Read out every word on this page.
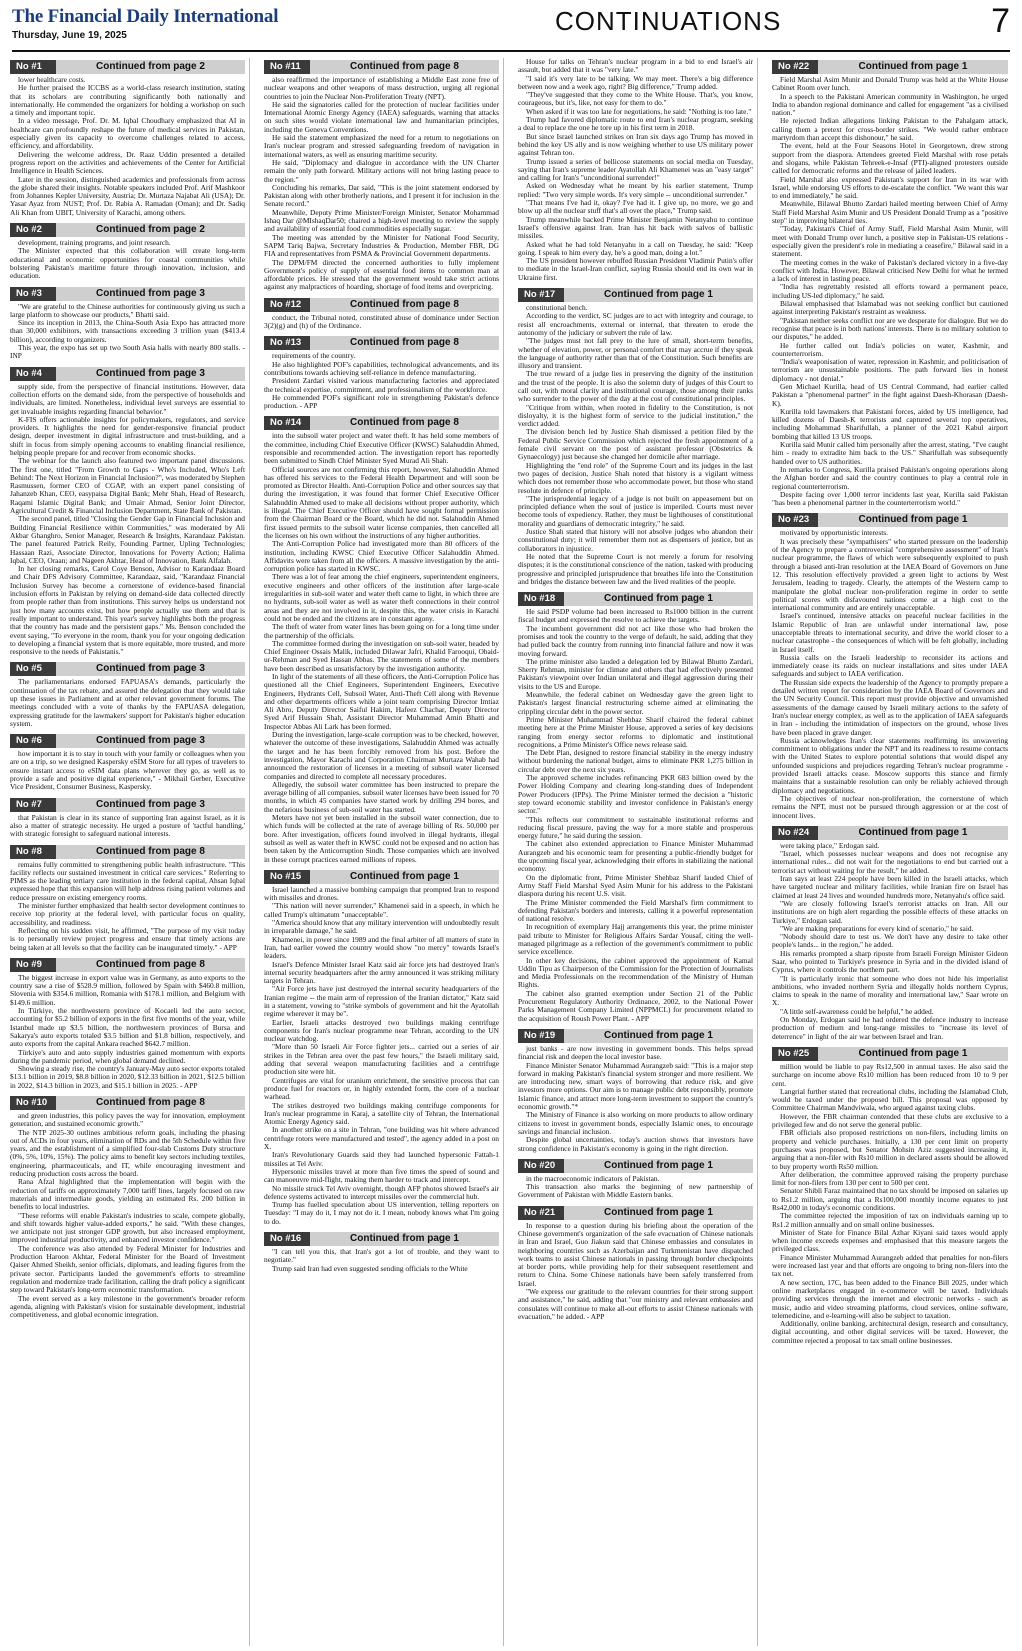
The Financial Daily International
Thursday, June 19, 2025	CONTINUATIONS	7
No #1	Continued from page 2

lower healthcare costs.

He further praised the ICCBS as a world-class research institution, stating that its scholars are contributing significantly both nationally and internationally. He commended the organizers for holding a workshop on such a timely and important topic.

In a video message, Prof. Dr. M. Iqbal Choudhary emphasized that AI in healthcare can profoundly reshape the future of medical services in Pakistan, especially given its capacity to overcome challenges related to access, efficiency, and affordability.

Delivering the welcome address, Dr. Raaz Uddin presented a detailed progress report on the activities and achievements of the Center for Artificial Intelligence in Health Sciences.

Later in the session, distinguished academics and professionals from across the globe shared their insights. Notable speakers included Prof. Arif Mashkoor from Johannes Kepler University, Austria; Dr. Murtaza Najabat Ali (USA); Dr. Yasar Ayaz from NUST; Prof. Dr. Rabia A. Ramadan (Oman); and Dr. Sadiq Ali Khan from UBIT, University of Karachi, among others.

No #2	Continued from page 2

development, training programs, and joint research.

The Minister expected that this collaboration will create long-term educational and economic opportunities for coastal communities while bolstering Pakistan's maritime future through innovation, inclusion, and education.

No #3	Continued from page 3

"We are grateful to the Chinese authorities for continuously giving us such a large platform to showcase our products," Bhatti said.

Since its inception in 2013, the China-South Asia Expo has attracted more than 30,000 exhibitors, with transactions exceeding 3 trillion yuan ($413.4 billion), according to organizers.

This year, the expo has set up two South Asia halls with nearly 800 stalls. - INP

No #4	Continued from page 3

supply side, from the perspective of financial institutions. However, data collection efforts on the demand side, from the perspective of households and individuals, are limited. Nonetheless, individual level surveys are essential to get invaluable insights regarding financial behavior."

K-FIS offers actionable insights for policymakers, regulators, and service providers. It highlights the need for gender-responsive financial product design, deeper investment in digital infrastructure and trust-building, and a shift in focus from simply opening accounts to enabling financial resilience, helping people prepare for and recover from economic shocks.

The webinar for the launch also featured two important panel discussions. The first one, titled "From Growth to Gaps - Who's Included, Who's Left Behind: The Next Horizon in Financial Inclusion?", was moderated by Stephen Rasmussen, former CEO of CGAP, with an expert panel consisting of Jahanzeb Khan, CEO, easypaisa Digital Bank; Mehr Shah, Head of Research, Raqami Islamic Digital Bank; and Umair Ahmad, Senior Joint Director, Agricultural Credit & Financial Inclusion Department, State Bank of Pakistan.

The second panel, titled "Closing the Gender Gap in Financial Inclusion and Building Financial Resilience within Communities," was moderated by Ali Akbar Ghanghro, Senior Manager, Research & Insights, Karandaaz Pakistan. The panel featured Patrick Reily, Founding Partner, Upling Technologies; Hassaan Razi, Associate Director, Innovations for Poverty Action; Halima Iqbal, CEO, Oraan; and Nageen Akhtar, Head of Innovation, Bank Alfalah.

In her closing remarks, Carol Coye Benson, Advisor to Karandaaz Board and Chair DFS Advisory Committee, Karandaaz, said, "Karandaaz Financial Inclusion Survey has become a cornerstone of evidence-based financial inclusion efforts in Pakistan by relying on demand-side data collected directly from people rather than from institutions. This survey helps us understand not just how many accounts exist, but how people actually use them and that is really important to understand. This year's survey highlights both the progress that the country has made and the persistent gaps." Ms. Benson concluded the event saying, "To everyone in the room, thank you for your ongoing dedication to developing a financial system that is more equitable, more trusted, and more responsive to the needs of Pakistanis."

No #5	Continued from page 3

The parliamentarians endorsed FAPUASA's demands, particularly the continuation of the tax rebate, and assured the delegation that they would take up these issues in Parliament and at other relevant government forums. The meetings concluded with a vote of thanks by the FAPUASA delegation, expressing gratitude for the lawmakers' support for Pakistan's higher education system.

No #6	Continued from page 3

how important it is to stay in touch with your family or colleagues when you are on a trip, so we designed Kaspersky eSIM Store for all types of travelers to ensure instant access to eSIM data plans wherever they go, as well as to provide a safe and positive digital experience," - Mikhail Gerber, Executive Vice President, Consumer Business, Kaspersky.

No #7	Continued from page 3

that Pakistan is clear in its stance of supporting Iran against Israel, as it is also a matter of strategic necessity. He urged a posture of 'tactful handling,' with strategic foresight to safeguard national interests.

No #8	Continued from page 8

remains fully committed to strengthening public health infrastructure. "This facility reflects our sustained investment in critical care services." Referring to PIMS as the leading tertiary care institution in the federal capital, Ahsan Iqbal expressed hope that this expansion will help address rising patient volumes and reduce pressure on existing emergency rooms.

The minister further emphasized that health sector development continues to receive top priority at the federal level, with particular focus on quality, accessibility, and readiness.

Reflecting on his sudden visit, he affirmed, "The purpose of my visit today is to personally review project progress and ensure that timely actions are being taken at all levels so that the facility can be inaugurated timely." - APP

No #9	Continued from page 8

The biggest increase in export value was in Germany, as auto exports to the country saw a rise of $528.9 million, followed by Spain with $460.8 million, Slovenia with $354.6 million, Romania with $178.1 million, and Belgium with $149.6 million.

In Türkiye, the northwestern province of Kocaeli led the auto sector, accounting for $5.2 billion of exports in the first five months of the year, while Istanbul made up $3.5 billion, the northwestern provinces of Bursa and Sakarya's auto exports totaled $3.5 billion and $1.8 billion, respectively, and auto exports from the capital Ankara reached $642.7 million.

Türkiye's auto and auto supply industries gained momentum with exports during the pandemic period, when global demand declined.

Showing a steady rise, the country's January-May auto sector exports totaled $13.1 billion in 2019, $8.8 billion in 2020, $12.33 billion in 2021, $12.5 billion in 2022, $14.3 billion in 2023, and $15.1 billion in 2025. - APP

No #10	Continued from page 8

and green industries, this policy paves the way for innovation, employment generation, and sustained economic growth."

The NTP 2025-30 outlines ambitious reform goals, including the phasing out of ACDs in four years, elimination of RDs and the 5th Schedule within five years, and the establishment of a simplified four-slab Customs Duty structure (0%, 5%, 10%, 15%). The policy aims to benefit key sectors including textiles, engineering, pharmaceuticals, and IT, while encouraging investment and reducing production costs across the board.

Rana Afzal highlighted that the implementation will begin with the reduction of tariffs on approximately 7,000 tariff lines, largely focused on raw materials and intermediate goods, yielding an estimated Rs. 200 billion in benefits to local industries.

"These reforms will enable Pakistan's industries to scale, compete globally, and shift towards higher value-added exports," he said. "With these changes, we anticipate not just stronger GDP growth, but also increased employment, improved industrial productivity, and enhanced investor confidence."

The conference was also attended by Federal Minister for Industries and Production Haroon Akhtar, Federal Minister for the Board of Investment Qaiser Ahmed Sheikh, senior officials, diplomats, and leading figures from the private sector. Participants lauded the government's efforts to streamline regulation and modernize trade facilitation, calling the draft policy a significant step toward Pakistan's long-term economic transformation.

The event served as a key milestone in the government's broader reform agenda, aligning with Pakistan's vision for sustainable development, industrial competitiveness, and global economic integration.

No #11	Continued from page 8

also reaffirmed the importance of establishing a Middle East zone free of nuclear weapons and other weapons of mass destruction, urging all regional countries to join the Nuclear Non-Proliferation Treaty (NPT).

He said the signatories called for the protection of nuclear facilities under International Atomic Energy Agency (IAEA) safeguards, warning that attacks on such sites would violate international law and humanitarian principles, including the Geneva Conventions.

He said the statement emphasized the need for a return to negotiations on Iran's nuclear program and stressed safeguarding freedom of navigation in international waters, as well as ensuring maritime security.

He said, "Diplomacy and dialogue in accordance with the UN Charter remain the only path forward. Military actions will not bring lasting peace to the region."

Concluding his remarks, Dar said, "This is the joint statement endorsed by Pakistan along with other brotherly nations, and I present it for inclusion in the Senate record."

Meanwhile, Deputy Prime Minister/Foreign Minister, Senator Mohammad Ishaq Dar @MIshaqDar50; chaired a high-level meeting to review the supply and availability of essential food commodities especially sugar.

The meeting was attended by the Minister for National Food Security, SAPM Tariq Bajwa, Secretary Industries & Production, Member FBR, DG FIA and representatives from PSMA & Provincial Government departments.

The DPM/FM directed the concerned authorities to fully implement Government's policy of supply of essential food items to common man at affordable prices. He stressed that the government would take strict actions against any malpractices of hoarding, shortage of food items and overpricing.

No #12	Continued from page 8

conduct, the Tribunal noted, constituted abuse of dominance under Section 3(2)(g) and (h) of the Ordinance.

No #13	Continued from page 8

requirements of the country.

He also highlighted POF's capabilities, technological advancements, and its contributions towards achieving self-reliance in defence manufacturing.

President Zardari visited various manufacturing factories and appreciated the technical expertise, commitment, and professionalism of the workforce.

He commended POF's significant role in strengthening Pakistan's defence production. - APP

No #14	Continued from page 8

into the subsoil water project and water theft. It has held some members of the committee, including Chief Executive Officer (KWSC) Salahuddin Ahmed, responsible and recommended action. The investigation report has reportedly been submitted to Sindh Chief Minister Syed Murad Ali Shah.

Official sources are not confirming this report, however, Salahuddin Ahmed has offered his services to the Federal Health Department and will soon be promoted as Director Health. Anti-Corruption Police and other sources say that during the investigation, it was found that former Chief Executive Officer Salahuddin Ahmed used to make all decisions without proper authority, which is illegal. The Chief Executive Officer should have sought formal permission from the Chairman Board or the Board, which he did not. Salahuddin Ahmed first issued permits to the subsoil water license companies, then cancelled all the licenses on his own without the instructions of any higher authorities.

The Anti-Corruption Police had investigated more than 80 officers of the institution, including KWSC Chief Executive Officer Salahuddin Ahmed. Affidavits were taken from all the officers. A massive investigation by the anti-corruption police has started in KWSC.

There was a lot of fear among the chief engineers, superintendent engineers, executive engineers and other officers of the institution after large-scale irregularities in sub-soil water and water theft came to light, in which three are no hydrants, sub-soil water as well as water theft connections in their control areas and they are not involved in it, despite this, the water crisis in Karachi could not be ended and the citizens are in constant agony.

The theft of water from water lines has been going on for a long time under the partnership of the officials.

The committee formed during the investigation on sub-soil water, headed by Chief Engineer Ossais Malik, included Dilawar Jafri, Khalid Farooqui, Obaid-ur-Rehman and Syed Hassan Abbas. The statements of some of the members have been described as unsatisfactory by the investigation authority.

In light of the statements of all these officers, the Anti-Corruption Police has questioned all the Chief Engineers, Superintendent Engineers, Executive Engineers, Hydrants Cell, Subsoil Water, Anti-Theft Cell along with Revenue and other departments officers while a joint team comprising Director Imtiaz Ali Abro, Deputy Director Saiful Hakim, Hafeez Chachar, Deputy Director Syed Arif Hussain Shah, Assistant Director Muhammad Amin Bhatti and Inspector Abbas Ali Lark has been formed.

During the investigation, large-scale corruption was to be checked, however, whatever the outcome of these investigations, Salahuddin Ahmed was actually the target and he has been forcibly removed from his post. Before the investigation, Mayor Karachi and Corporation Chairman Murtaza Wahab had announced the restoration of licenses in a meeting of subsoil water licensed companies and directed to complete all necessary procedures.

Allegedly, the subsoil water committee has been instructed to prepare the average billing of all companies, subsoil water licenses have been issued for 70 months, in which 45 companies have started work by drilling 294 bores, and the nefarious business of sub-soil water has started.

Meters have not yet been installed in the subsoil water connection, due to which funds will be collected at the rate of average billing of Rs. 50,000 per bore. After investigation, officers found involved in illegal hydrants, illegal subsoil as well as water theft in KWSC could not be exposed and no action has been taken by the Anticorruption Sindh. Those companies which are involved in these corrupt practices earned millions of rupees.

No #15	Continued from page 1

Israel launched a massive bombing campaign that prompted Iran to respond with missiles and drones.

"This nation will never surrender," Khamenei said in a speech, in which he called Trump's ultimatum "unacceptable".

"America should know that any military intervention will undoubtedly result in irreparable damage," he said.

Khamenei, in power since 1989 and the final arbiter of all matters of state in Iran, had earlier vowed the country would show "no mercy" towards Israel's leaders.

Israel's Defence Minister Israel Katz said air force jets had destroyed Iran's internal security headquarters after the army announced it was striking military targets in Tehran.

"Air Force jets have just destroyed the internal security headquarters of the Iranian regime -- the main arm of repression of the Iranian dictator," Katz said in a statement, vowing to "strike symbols of government and hit the Ayatollah regime wherever it may be".

Earlier, Israeli attacks destroyed two buildings making centrifuge components for Iran's nuclear programme near Tehran, according to the UN nuclear watchdog.

"More than 50 Israeli Air Force fighter jets... carried out a series of air strikes in the Tehran area over the past few hours," the Israeli military said, adding that several weapon manufacturing facilities and a centrifuge production site were hit.

Centrifuges are vital for uranium enrichment, the sensitive process that can produce fuel for reactors or, in highly extended form, the core of a nuclear warhead.

The strikes destroyed two buildings making centrifuge components for Iran's nuclear programme in Karaj, a satellite city of Tehran, the International Atomic Energy Agency said.

In another strike on a site in Tehran, "one building was hit where advanced centrifuge rotors were manufactured and tested", the agency added in a post on X.

Iran's Revolutionary Guards said they had launched hypersonic Fattah-1 missiles at Tel Aviv.

Hypersonic missiles travel at more than five times the speed of sound and can manoeuvre mid-flight, making them harder to track and intercept.

No missile struck Tel Aviv overnight, though AFP photos showed Israel's air defence systems activated to intercept missiles over the commercial hub.

Trump has fuelled speculation about US intervention, telling reporters on Tuesday: "I may do it, I may not do it. I mean, nobody knows what I'm going to do.

No #16	Continued from page 1

"I can tell you this, that Iran's got a lot of trouble, and they want to negotiate."

Trump said Iran had even suggested sending officials to the White

House for talks on Tehran's nuclear program in a bid to end Israel's air assault, but added that it was "very late."

"I said it's very late to be talking. We may meet. There's a big difference between now and a week ago, right? Big difference," Trump added.

"They've suggested that they come to the White House. That's, you know, courageous, but it's, like, not easy for them to do."

When asked if it was too late for negotiations, he said: "Nothing is too late."

Trump had favored diplomatic route to end Iran's nuclear program, seeking a deal to replace the one he tore up in his first term in 2018.

But since Israel launched strikes on Iran six days ago Trump has moved in behind the key US ally and is now weighing whether to use US military power against Tehran too.

Trump issued a series of bellicose statements on social media on Tuesday, saying that Iran's supreme leader Ayatollah Ali Khamenei was an "easy target" and calling for Iran's "unconditional surrender!"

Asked on Wednesday what he meant by his earlier statement, Trump replied: "Two very simple words. It's very simple -- unconditional surrender."

"That means I've had it, okay? I've had it. I give up, no more, we go and blow up all the nuclear stuff that's all over the place," Trump said.

Trump meanwhile backed Prime Minister Benjamin Netanyahu to continue Israel's offensive against Iran. Iran has hit back with salvos of ballistic missiles.

Asked what he had told Netanyahu in a call on Tuesday, he said: "Keep going. I speak to him every day, he's a good man, doing a lot."

The US president however rebuffed Russian President Vladimir Putin's offer to mediate in the Israel-Iran conflict, saying Russia should end its own war in Ukraine first.

No #17	Continued from page 1

constitutional bench.

According to the verdict, SC judges are to act with integrity and courage, to resist all encroachments, external or internal, that threaten to erode the autonomy of the judiciary or subvert the rule of law.

"The judges must not fall prey to the lure of small, short-term benefits, whether of elevation, power, or personal comfort that may accrue if they speak the language of authority rather than that of the Constitution. Such benefits are illusory and transient.

The true reward of a judge lies in preserving the dignity of the institution and the trust of the people. It is also the solemn duty of judges of this Court to call out, with moral clarity and institutional courage, those among their ranks who surrender to the power of the day at the cost of constitutional principles.

"Critique from within, when rooted in fidelity to the Constitution, is not disloyalty, it is the highest form of service to the judicial institution," the verdict added.

The division bench led by Justice Shah dismissed a petition filed by the Federal Public Service Commission which rejected the fresh appointment of a female civil servant on the post of assistant professor (Obstetrics & Gynaecology) just because she changed her domicile after marriage.

Highlighting the "end role" of the Supreme Court and its judges in the last two pages of decision, Justice Shah noted that history is a vigilant witness which does not remember those who accommodate power, but those who stand resolute in defence of principle.

"The jurisprudential legacy of a judge is not built on appeasement but on principled defiance when the soul of justice is imperiled. Courts must never become tools of expediency. Rather, they must be lighthouses of constitutional morality and guardians of democratic integrity," he said.

Justice Shah stated that history will not absolve judges who abandon their constitutional duty; it will remember them not as dispensers of justice, but as collaborators in injustice.

He noted that the Supreme Court is not merely a forum for resolving disputes; it is the constitutional conscience of the nation, tasked with producing progressive and principled jurisprudence that breathes life into the Constitution and bridges the distance between law and the lived realities of the people.

No #18	Continued from page 1

He said PSDP volume had been increased to Rs1000 billion in the current fiscal budget and expressed the resolve to achieve the targets.

The incumbent government did not act like those who had broken the promises and took the country to the verge of default, he said, adding that they had pulled back the country from running into financial failure and now it was moving forward.

The prime minister also lauded a delegation led by Bilawal Bhutto Zardari, Sherry Rehman, minister for climate and others that had effectively presented Pakistan's viewpoint over Indian unilateral and illegal aggression during their visits to the US and Europe.

Meanwhile, the federal cabinet on Wednesday gave the green light to Pakistan's largest financial restructuring scheme aimed at eliminating the crippling circular debt in the power sector.

Prime Minister Muhammad Shehbaz Sharif chaired the federal cabinet meeting here at the Prime Minister House, approved a series of key decisions ranging from energy sector reforms to diplomatic and institutional recognitions, a Prime Minister's Office news release said.

The Debt Plan, designed to restore financial stability in the energy industry without burdening the national budget, aims to eliminate PKR 1,275 billion in circular debt over the next six years.

The approved scheme includes refinancing PKR 683 billion owed by the Power Holding Company and clearing long-standing dues of Independent Power Producers (IPPs). The Prime Minister termed the decision a "historic step toward economic stability and investor confidence in Pakistan's energy sector."

"This reflects our commitment to sustainable institutional reforms and reducing fiscal pressure, paving the way for a more stable and prosperous energy future," he said during the session.

The cabinet also extended appreciation to Finance Minister Muhammad Aurangzeb and his economic team for presenting a public-friendly budget for the upcoming fiscal year, acknowledging their efforts in stabilizing the national economy.

On the diplomatic front, Prime Minister Shehbaz Sharif lauded Chief of Army Staff Field Marshal Syed Asim Munir for his address to the Pakistani diaspora during his recent U.S. visit.

The Prime Minister commended the Field Marshal's firm commitment to defending Pakistan's borders and interests, calling it a powerful representation of national resolve.

In recognition of exemplary Hajj arrangements this year, the prime minister paid tribute to Minister for Religious Affairs Sardar Yousaf, citing the well-managed pilgrimage as a reflection of the government's commitment to public service excellence.

In other key decisions, the cabinet approved the appointment of Kamal Uddin Tipu as Chairperson of the Commission for the Protection of Journalists and Media Professionals on the recommendation of the Ministry of Human Rights.

The cabinet also granted exemption under Section 21 of the Public Procurement Regulatory Authority Ordinance, 2002, to the National Power Parks Management Company Limited (NPPMCL) for procurement related to the acquisition of Roush Power Plant. - APP

No #19	Continued from page 1

just banks - are now investing in government bonds. This helps spread financial risk and deepen the local investor base.

Finance Minister Senator Muhammad Aurangzeb said: "This is a major step forward in making Pakistan's financial system stronger and more resilient. We are introducing new, smart ways of borrowing that reduce risk, and give investors more options. Our aim is to manage public debt responsibly, promote Islamic finance, and attract more long-term investment to support the country's economic growth."*

The Ministry of Finance is also working on more products to allow ordinary citizens to invest in government bonds, especially Islamic ones, to encourage savings and financial inclusion.

Despite global uncertainties, today's auction shows that investors have strong confidence in Pakistan's economy is going in the right direction.

No #20	Continued from page 1

in the macroeconomic indicators of Pakistan.

This transaction also marks the beginning of new partnership of Government of Pakistan with Middle Eastern banks.

No #21	Continued from page 1

In response to a question during his briefing about the operation of the Chinese government's organization of the safe evacuation of Chinese nationals in Iran and Israel, Guo Jiakun said that Chinese embassies and consulates in neighboring countries such as Azerbaijan and Turkmenistan have dispatched work teams to assist Chinese nationals in passing through border checkpoints at border ports, while providing help for their subsequent resettlement and return to China. Some Chinese nationals have been safely transferred from Israel.

"We express our gratitude to the relevant countries for their strong support and assistance," he said, adding that "our ministry and relevant embassies and consulates will continue to make all-out efforts to assist Chinese nationals with evacuation," he added. - APP

No #22	Continued from page 1

Field Marshal Asim Munir and Donald Trump was held at the White House Cabinet Room over lunch.

In a speech to the Pakistani American community in Washington, he urged India to abandon regional dominance and called for engagement "as a civilised nation."

He rejected Indian allegations linking Pakistan to the Pahalgam attack, calling them a pretext for cross-border strikes. "We would rather embrace martyrdom than accept this dishonour," he said.

The event, held at the Four Seasons Hotel in Georgetown, drew strong support from the diaspora. Attendees greeted Field Marshal with rose petals and slogans, while Pakistan Tehreek-e-Insaf (PTI)-aligned protesters outside called for democratic reforms and the release of jailed leaders.

Field Marshal also expressed Pakistan's support for Iran in its war with Israel, while endorsing US efforts to de-escalate the conflict. "We want this war to end immediately," he said.

Meanwhile, Bilawal Bhutto Zardari hailed meeting between Chief of Army Staff Field Marshal Asim Munir and US President Donald Trump as a "positive step" in improving bilateral ties.

"Today, Pakistan's Chief of Army Staff, Field Marshal Asim Munir, will meet with Donald Trump over lunch, a positive step in Pakistan-US relations - especially given the president's role in mediating a ceasefire," Bilawal said in a statement.

The meeting comes in the wake of Pakistan's declared victory in a five-day conflict with India. However, Bilawal criticised New Delhi for what he termed a lack of interest in lasting peace.

"India has regrettably resisted all efforts toward a permanent peace, including US-led diplomacy," he said.

Bilawal emphasised that Islamabad was not seeking conflict but cautioned against interpreting Pakistan's restraint as weakness.

"Pakistan neither seeks conflict nor are we desperate for dialogue. But we do recognise that peace is in both nations' interests. There is no military solution to our disputes," he added.

He further called out India's policies on water, Kashmir, and counterterrorism.

"India's weaponisation of water, repression in Kashmir, and politicisation of terrorism are unsustainable positions. The path forward lies in honest diplomacy - not denial."

Gen Michael Kurilla, head of US Central Command, had earlier called Pakistan a "phenomenal partner" in the fight against Daesh-Khorasan (Daesh-K).

Kurilla told lawmakers that Pakistani forces, aided by US intelligence, had killed dozens of Daesh-K terrorists and captured several top operatives, including Mohammad Sharifullah, a planner of the 2021 Kabul airport bombing that killed 13 US troops.

Kurilla said Munir called him personally after the arrest, stating, "I've caught him - ready to extradite him back to the US." Sharifullah was subsequently handed over to US authorities.

In remarks to Congress, Kurilla praised Pakistan's ongoing operations along the Afghan border and said the country continues to play a central role in regional counterterrorism.

Despite facing over 1,000 terror incidents last year, Kurilla said Pakistan "has been a phenomenal partner in the counterterrorism world."

No #23	Continued from page 1

motivated by opportunistic interests.

It was precisely these "sympathisers" who started pressure on the leadership of the Agency to prepare a controversial "comprehensive assessment" of Iran's nuclear programme, the flaws of which were subsequently exploited to push through a biased anti-Iran resolution at the IAEA Board of Governors on June 12. This resolution effectively provided a green light to actions by West Jerusalem, leading to tragedy. Clearly, the attempts of the Western camp to manipulate the global nuclear non-proliferation regime in order to settle political scores with disfavoured nations come at a high cost to the international community and are entirely unacceptable.

Israel's continued, intensive attacks on peaceful nuclear facilities in the Islamic Republic of Iran are unlawful under international law, pose unacceptable threats to international security, and drive the world closer to a nuclear catastrophe - the consequences of which will be felt globally, including in Israel itself.

Russia calls on the Israeli leadership to reconsider its actions and immediately cease its raids on nuclear installations and sites under IAEA safeguards and subject to IAEA verification.

The Russian side expects the leadership of the Agency to promptly prepare a detailed written report for consideration by the IAEA Board of Governors and the UN Security Council. This report must provide objective and unvarnished assessments of the damage caused by Israeli military actions to the safety of Iran's nuclear energy complex, as well as to the application of IAEA safeguards in Iran - including the intimidation of inspectors on the ground, whose lives have been placed in grave danger.

Russia acknowledges Iran's clear statements reaffirming its unwavering commitment to obligations under the NPT and its readiness to resume contacts with the United States to explore potential solutions that would dispel any unfounded suspicions and prejudices regarding Tehran's nuclear programme - provided Israeli attacks cease. Moscow supports this stance and firmly maintains that a sustainable resolution can only be reliably achieved through diplomacy and negotiations.

The objectives of nuclear non-proliferation, the cornerstone of which remains the NPT, must not be pursued through aggression or at the cost of innocent lives.

No #24	Continued from page 1

were taking place," Erdogan said.

"Israel, which possesses nuclear weapons and does not recognise any international rules... did not wait for the negotiations to end but carried out a terrorist act without waiting for the result," he added.

Iran says at least 224 people have been killed in the Israeli attacks, which have targeted nuclear and military facilities, while Iranian fire on Israel has claimed at least 24 lives and wounded hundreds more, Netanyahu's office said.

"We are closely following Israel's terrorist attacks on Iran. All our institutions are on high alert regarding the possible effects of these attacks on Turkiye," Erdogan said.

"We are making preparations for every kind of scenario," he said.

"Nobody should dare to test us. We don't have any desire to take other people's lands... in the region," he added.

His remarks prompted a sharp riposte from Israeli Foreign Minister Gideon Saar, who pointed to Turkiye's presence in Syria and in the divided island of Cyprus, where it controls the northern part.

"It is particularly ironic that someone who does not hide his imperialist ambitions, who invaded northern Syria and illegally holds northern Cyprus, claims to speak in the name of morality and international law," Saar wrote on X.

"A little self-awareness could be helpful," he added.

On Monday, Erdogan said he had ordered the defence industry to increase production of medium and long-range missiles to "increase its level of deterrence" in light of the air war between Israel and Iran.

No #25	Continued from page 1

million would be liable to pay Rs12,500 in annual taxes. He also said the surcharge on income above Rs10 million has been reduced from 10 to 9 per cent.

Langrial further stated that recreational clubs, including the Islamabad Club, would be taxed under the proposed bill. This proposal was opposed by Committee Chairman Mandviwala, who argued against taxing clubs.

However, the FBR chairman contended that these clubs are exclusive to a privileged few and do not serve the general public.

FBR officials also proposed restrictions on non-filers, including limits on property and vehicle purchases. Initially, a 130 per cent limit on property purchases was proposed, but Senator Mohsin Aziz suggested increasing it, arguing that a non-filer with Rs10 million in declared assets should be allowed to buy property worth Rs50 million.

After deliberation, the committee approved raising the property purchase limit for non-filers from 130 per cent to 500 per cent.

Senator Shibli Faraz maintained that no tax should be imposed on salaries up to Rs1.2 million, arguing that a Rs100,000 monthly income equates to just Rs42,000 in today's economic conditions.

The committee rejected the imposition of tax on individuals earning up to Rs1.2 million annually and on small online businesses.

Minister of State for Finance Bilal Azhar Kiyani said taxes would apply when income exceeds expenses and emphasised that this measure targets the privileged class.

Finance Minister Muhammad Aurangzeb added that penalties for non-filers were increased last year and that efforts are ongoing to bring non-filers into the tax net.

A new section, 17C, has been added to the Finance Bill 2025, under which online marketplaces engaged in e-commerce will be taxed. Individuals providing services through the internet and electronic networks - such as music, audio and video streaming platforms, cloud services, online software, telemedicine, and e-learning-will also be subject to taxation.

Additionally, online banking, architectural design, research and consultancy, digital accounting, and other digital services will be taxed. However, the committee rejected a proposal to tax small online businesses.
